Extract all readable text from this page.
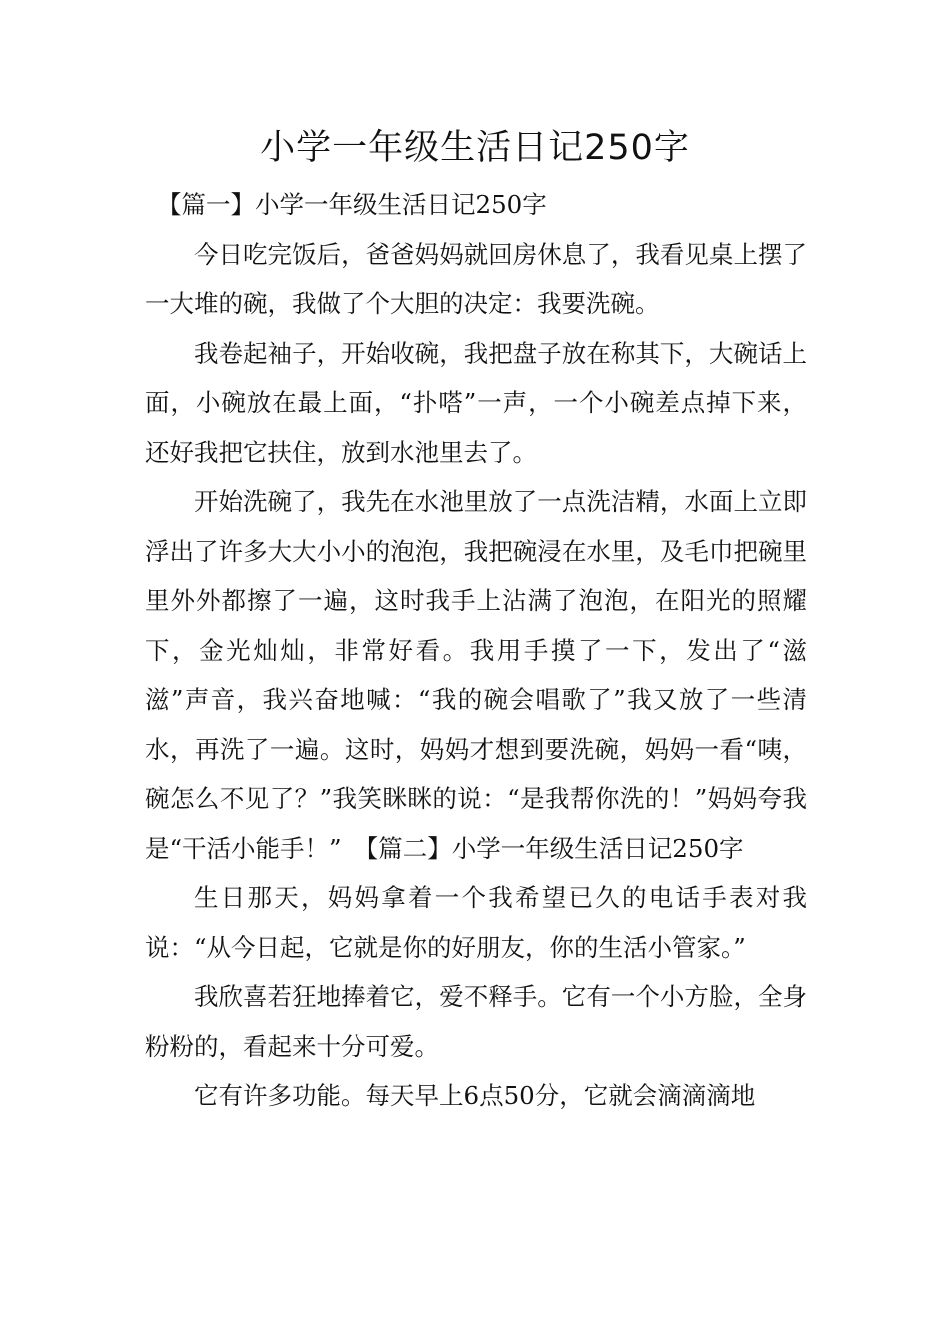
小学一年级生活日记250字

【篇一】小学一年级生活日记250字

今日吃完饭后，爸爸妈妈就回房休息了，我看见桌上摆了一大堆的碗，我做了个大胆的决定：我要洗碗。

我卷起袖子，开始收碗，我把盘子放在称其下，大碗话上面，小碗放在最上面，“扑嗒”一声，一个小碗差点掉下来，还好我把它扶住，放到水池里去了。

开始洗碗了，我先在水池里放了一点洗洁精，水面上立即浮出了许多大大小小的泡泡，我把碗浸在水里，及毛巾把碗里里外外都擦了一遍，这时我手上沾满了泡泡，在阳光的照耀下，金光灿灿，非常好看。我用手摸了一下，发出了“滋滋”声音，我兴奋地喊：“我的碗会唱歌了”我又放了一些清水，再洗了一遍。这时，妈妈才想到要洗碗，妈妈一看“咦，碗怎么不见了？”我笑眯眯的说：“是我帮你洗的！”妈妈夸我是“干活小能手！”　【篇二】小学一年级生活日记250字

生日那天，妈妈拿着一个我希望已久的电话手表对我说：“从今日起，它就是你的好朋友，你的生活小管家。”

我欣喜若狂地捧着它，爱不释手。它有一个小方脸，全身粉粉的，看起来十分可爱。

它有许多功能。每天早上6点50分，它就会滴滴滴地
